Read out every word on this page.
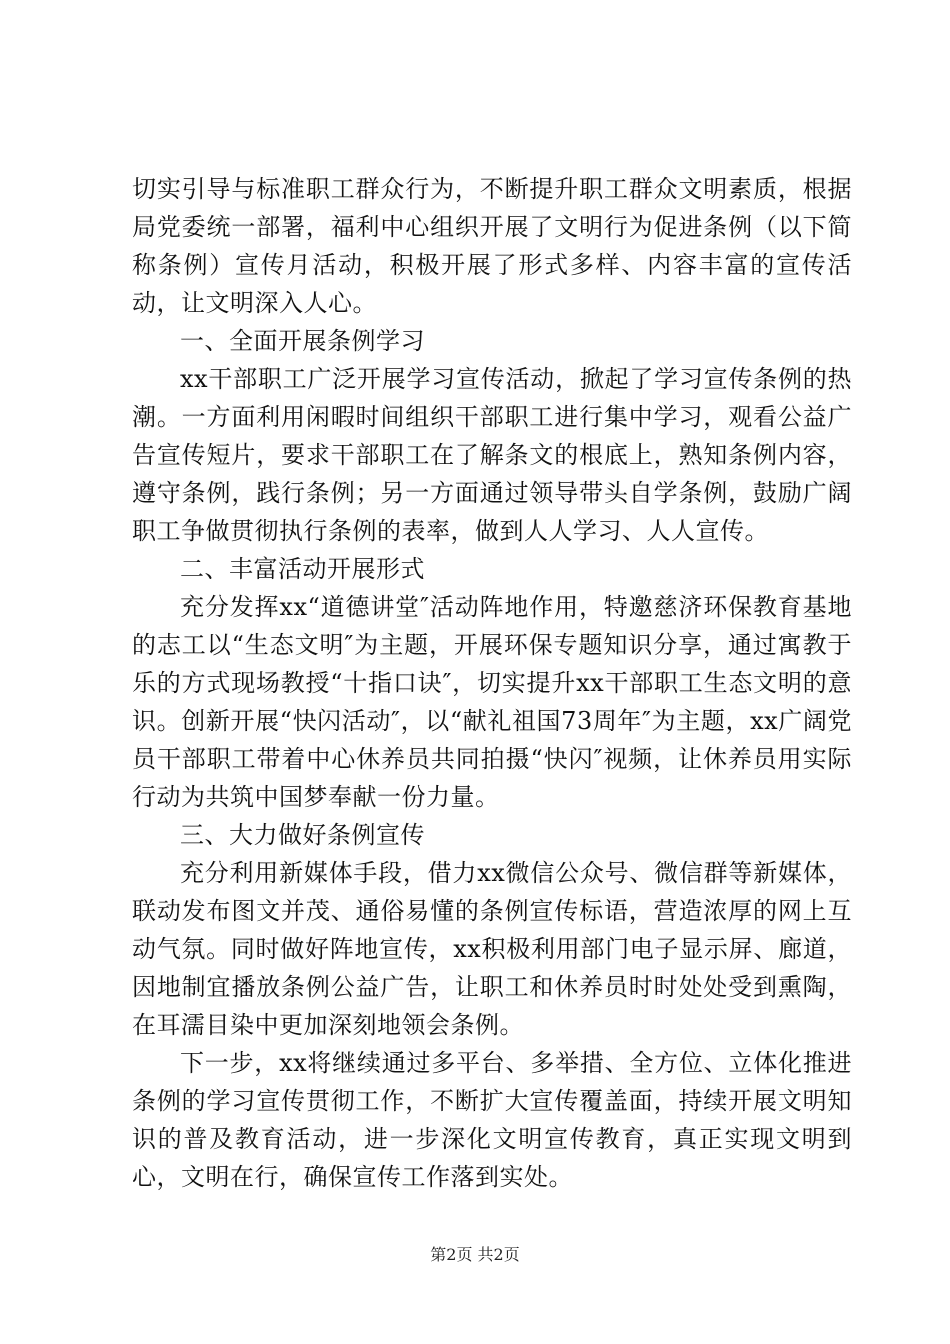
切实引导与标准职工群众行为，不断提升职工群众文明素质，根据局党委统一部署，福利中心组织开展了文明行为促进条例（以下简称条例）宣传月活动，积极开展了形式多样、内容丰富的宣传活动，让文明深入人心。

一、全面开展条例学习

xx干部职工广泛开展学习宣传活动，掀起了学习宣传条例的热潮。一方面利用闲暇时间组织干部职工进行集中学习，观看公益广告宣传短片，要求干部职工在了解条文的根底上，熟知条例内容，遵守条例，践行条例；另一方面通过领导带头自学条例，鼓励广阔职工争做贯彻执行条例的表率，做到人人学习、人人宣传。

二、丰富活动开展形式

充分发挥xx“道德讲堂″活动阵地作用，特邀慈济环保教育基地的志工以“生态文明″为主题，开展环保专题知识分享，通过寓教于乐的方式现场教授“十指口诀″，切实提升xx干部职工生态文明的意识。创新开展“快闪活动″，以“献礼祖国73周年″为主题，xx广阔党员干部职工带着中心休养员共同拍摄“快闪″视频，让休养员用实际行动为共筑中国梦奉献一份力量。

三、大力做好条例宣传

充分利用新媒体手段，借力xx微信公众号、微信群等新媒体，联动发布图文并茂、通俗易懂的条例宣传标语，营造浓厚的网上互动气氛。同时做好阵地宣传，xx积极利用部门电子显示屏、廊道，因地制宜播放条例公益广告，让职工和休养员时时处处受到熏陶，在耳濡目染中更加深刻地领会条例。

下一步，xx将继续通过多平台、多举措、全方位、立体化推进条例的学习宣传贯彻工作，不断扩大宣传覆盖面，持续开展文明知识的普及教育活动，进一步深化文明宣传教育，真正实现文明到心，文明在行，确保宣传工作落到实处。

第2页 共2页
